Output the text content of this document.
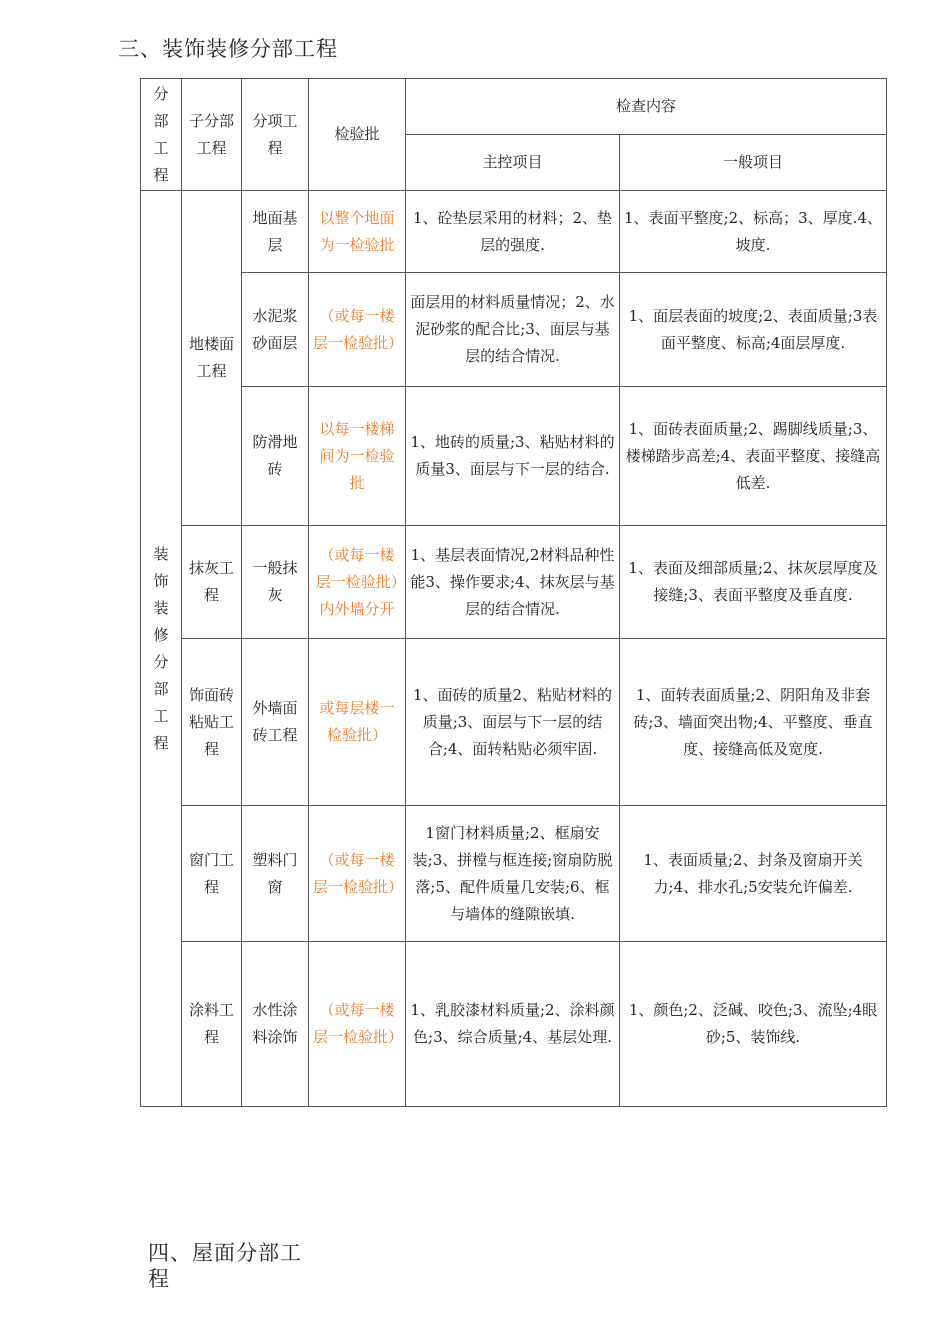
三、装饰装修分部工程
分部工程	子分部工程	分项工程	检验批	检查内容	
				主控项目	一般项目
装饰装修分部工程	地楼面工程	地面基层	以整个地面为一检验批	1、砼垫层采用的材料；2、垫层的强度.	1、表面平整度;2、标高；3、厚度.4、坡度.
		水泥浆砂面层	（或每一楼层一检验批）	面层用的材料质量情况；2、水泥砂浆的配合比;3、面层与基层的结合情况.	1、面层表面的坡度;2、表面质量;3表面平整度、标高;4面层厚度.
		防滑地砖	以每一楼梯间为一检验批	1、地砖的质量;3、粘贴材料的质量3、面层与下一层的结合.	1、面砖表面质量;2、踢脚线质量;3、楼梯踏步高差;4、表面平整度、接缝高低差.
	抹灰工程	一般抹灰	（或每一楼层一检验批）内外墙分开	1、基层表面情况,2材料品种性能3、操作要求;4、抹灰层与基层的结合情况.	1、表面及细部质量;2、抹灰层厚度及接缝;3、表面平整度及垂直度.
	饰面砖粘贴工程	外墙面砖工程	或每层楼一检验批）	1、面砖的质量2、粘贴材料的质量;3、面层与下一层的结合;4、面转粘贴必须牢固.	1、面转表面质量;2、阴阳角及非套砖;3、墙面突出物;4、平整度、垂直度、接缝高低及宽度.
	窗门工程	塑料门窗	（或每一楼层一检验批）	1窗门材料质量;2、框扇安装;3、拼樘与框连接;窗扇防脱落;5、配件质量几安装;6、框与墙体的缝隙嵌填.	1、表面质量;2、封条及窗扇开关力;4、排水孔;5安装允许偏差.
	涂料工程	水性涂料涂饰	（或每一楼层一检验批）	1、乳胶漆材料质量;2、涂料颜色;3、综合质量;4、基层处理.	1、颜色;2、泛碱、咬色;3、流坠;4眼砂;5、装饰线.
四、屋面分部工程
